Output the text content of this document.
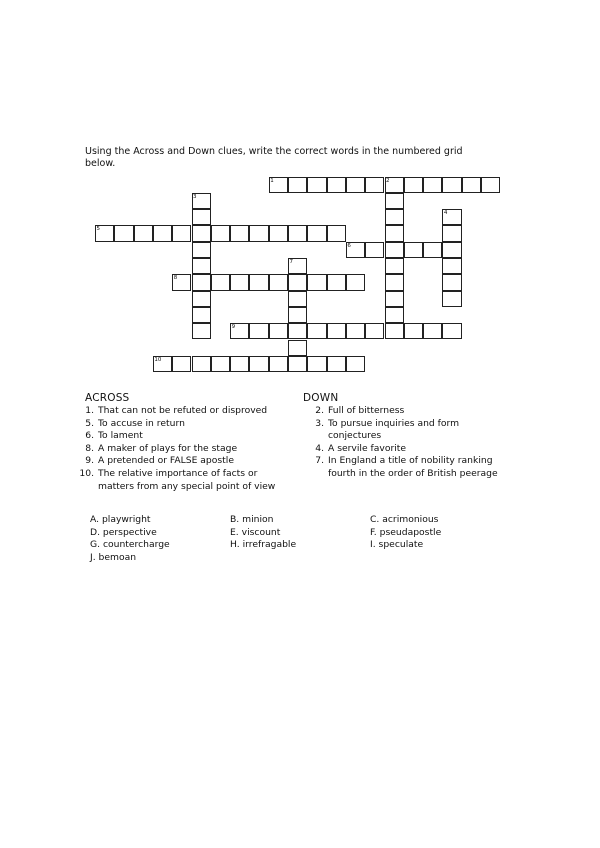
Using the Across and Down clues, write the correct words in the numbered grid below.
1	2
3
4
5
6
7
8
9
10
ACROSS
1. That can not be refuted or disproved
5. To accuse in return
6. To lament
8. A maker of plays for the stage
9. A pretended or FALSE apostle
10. The relative importance of facts or matters from any special point of view
DOWN
2. Full of bitterness
3. To pursue inquiries and form conjectures
4. A servile favorite
7. In England a title of nobility ranking fourth in the order of British peerage
A. playwright	B. minion	C. acrimonious
D. perspective	E. viscount	F. pseudapostle
G. countercharge	H. irrefragable	I. speculate
J. bemoan
